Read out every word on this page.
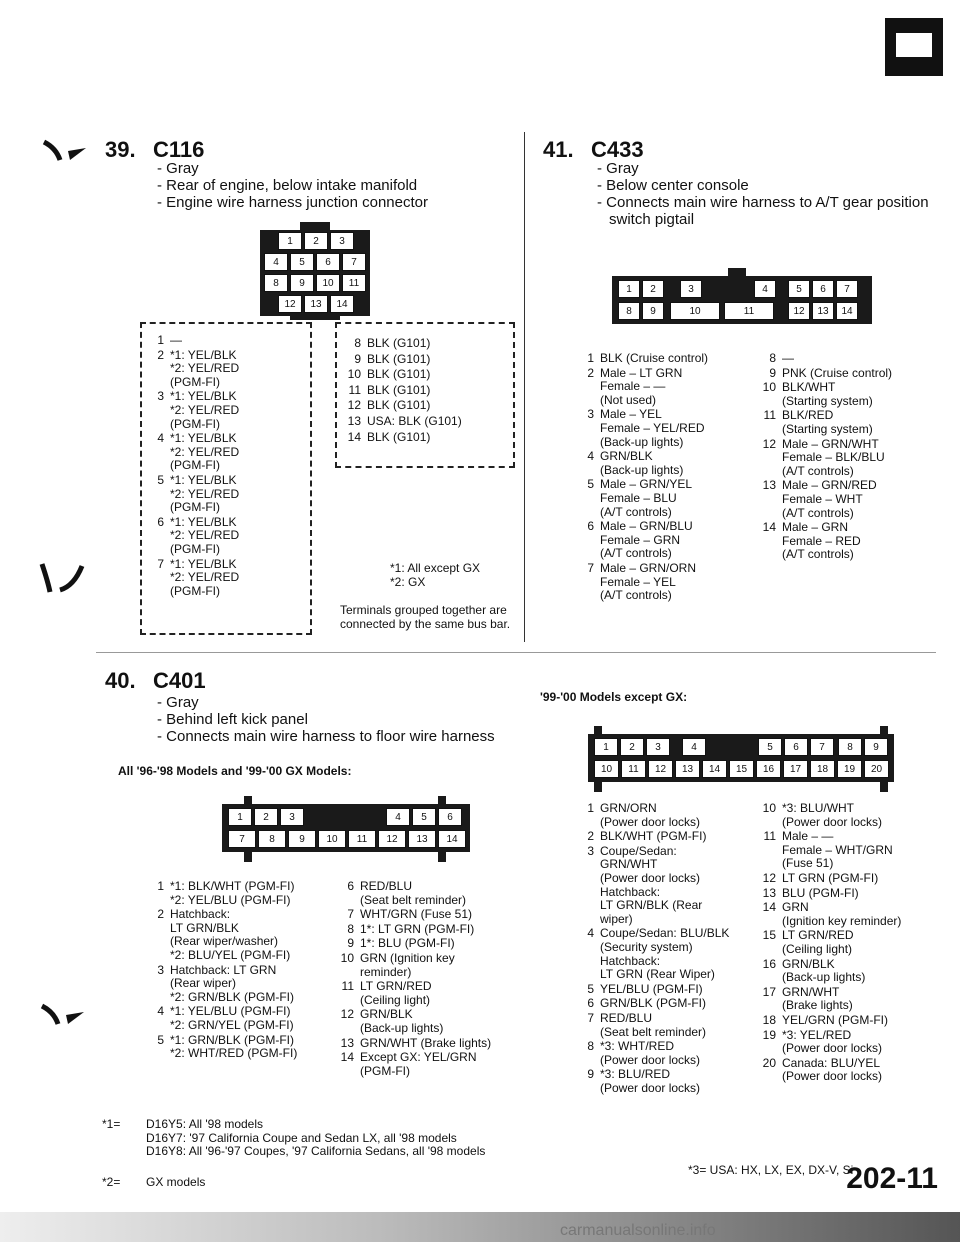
39. C116
- Gray
- Rear of engine, below intake manifold
- Engine wire harness junction connector
1	2	3
4	5	6	7
8	9	10	11
12	13	14
1 —
2 *1: YEL/BLK
*2: YEL/RED
(PGM-FI)
3 *1: YEL/BLK
*2: YEL/RED
(PGM-FI)
4 *1: YEL/BLK
*2: YEL/RED
(PGM-FI)
5 *1: YEL/BLK
*2: YEL/RED
(PGM-FI)
6 *1: YEL/BLK
*2: YEL/RED
(PGM-FI)
7 *1: YEL/BLK
*2: YEL/RED
(PGM-FI)
8 BLK (G101)
9 BLK (G101)
10 BLK (G101)
11 BLK (G101)
12 BLK (G101)
13 USA: BLK (G101)
14 BLK (G101)
*1: All except GX
*2: GX
Terminals grouped together are
connected by the same bus bar.
41. C433
- Gray
- Below center console
- Connects main wire harness to A/T gear position
switch pigtail
1	2	3	4	5	6	7
8	9	10	11	12	13	14
1 BLK (Cruise control)
2 Male – LT GRN
Female – —
(Not used)
3 Male – YEL
Female – YEL/RED
(Back-up lights)
4 GRN/BLK
(Back-up lights)
5 Male – GRN/YEL
Female – BLU
(A/T controls)
6 Male – GRN/BLU
Female – GRN
(A/T controls)
7 Male – GRN/ORN
Female – YEL
(A/T controls)
8 —
9 PNK (Cruise control)
10 BLK/WHT
(Starting system)
11 BLK/RED
(Starting system)
12 Male – GRN/WHT
Female – BLK/BLU
(A/T controls)
13 Male – GRN/RED
Female – WHT
(A/T controls)
14 Male – GRN
Female – RED
(A/T controls)
40. C401
- Gray
- Behind left kick panel
- Connects main wire harness to floor wire harness
All '96-'98 Models and '99-'00 GX Models:
1	2	3	4	5	6
7	8	9	10	11	12	13	14
1 *1: BLK/WHT (PGM-FI)
*2: YEL/BLU (PGM-FI)
2 Hatchback:
LT GRN/BLK
(Rear wiper/washer)
*2: BLU/YEL (PGM-FI)
3 Hatchback: LT GRN
(Rear wiper)
*2: GRN/BLK (PGM-FI)
4 *1: YEL/BLU (PGM-FI)
*2: GRN/YEL (PGM-FI)
5 *1: GRN/BLK (PGM-FI)
*2: WHT/RED (PGM-FI)
6 RED/BLU
(Seat belt reminder)
7 WHT/GRN (Fuse 51)
8 1*: LT GRN (PGM-FI)
9 1*: BLU (PGM-FI)
10 GRN (Ignition key
reminder)
11 LT GRN/RED
(Ceiling light)
12 GRN/BLK
(Back-up lights)
13 GRN/WHT (Brake lights)
14 Except GX: YEL/GRN
(PGM-FI)
*1=	D16Y5: All '98 models
D16Y7: '97 California Coupe and Sedan LX, all '98 models
D16Y8: All '96-'97 Coupes, '97 California Sedans, all '98 models
*2=	GX models
'99-'00 Models except GX:
1	2	3	4	5	6	7	8	9
10	11	12	13	14	15	16	17	18	19	20
1 GRN/ORN
(Power door locks)
2 BLK/WHT (PGM-FI)
3 Coupe/Sedan:
GRN/WHT
(Power door locks)
Hatchback:
LT GRN/BLK (Rear
wiper)
4 Coupe/Sedan: BLU/BLK
(Security system)
Hatchback:
LT GRN (Rear Wiper)
5 YEL/BLU (PGM-FI)
6 GRN/BLK (PGM-FI)
7 RED/BLU
(Seat belt reminder)
8 *3: WHT/RED
(Power door locks)
9 *3: BLU/RED
(Power door locks)
10 *3: BLU/WHT
(Power door locks)
11 Male – —
Female – WHT/GRN
(Fuse 51)
12 LT GRN (PGM-FI)
13 BLU (PGM-FI)
14 GRN
(Ignition key reminder)
15 LT GRN/RED
(Ceiling light)
16 GRN/BLK
(Back-up lights)
17 GRN/WHT
(Brake lights)
18 YEL/GRN (PGM-FI)
19 *3: YEL/RED
(Power door locks)
20 Canada: BLU/YEL
(Power door locks)
*3= USA: HX, LX, EX, DX-V, Si
202-11
carmanualsonline.info
